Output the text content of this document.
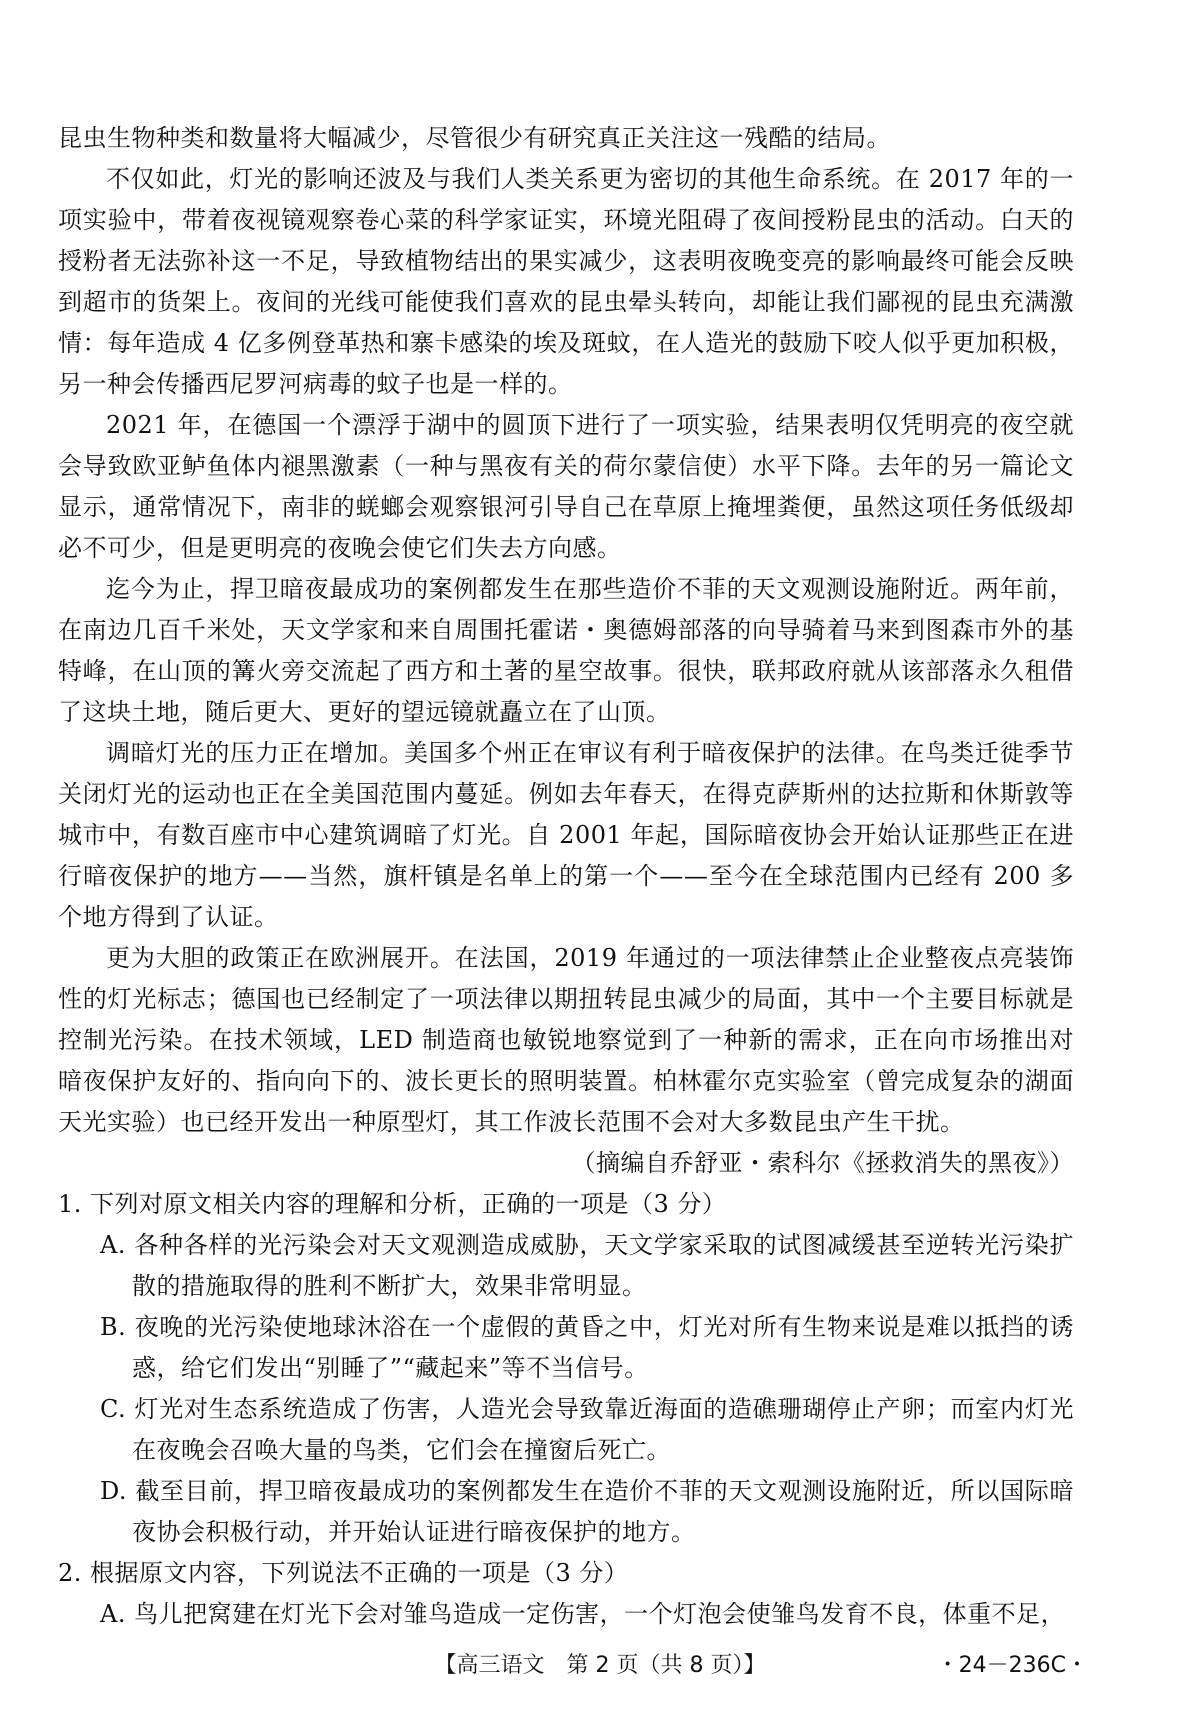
昆虫生物种类和数量将大幅减少，尽管很少有研究真正关注这一残酷的结局。

不仅如此，灯光的影响还波及与我们人类关系更为密切的其他生命系统。在 2017 年的一项实验中，带着夜视镜观察卷心菜的科学家证实，环境光阻碍了夜间授粉昆虫的活动。白天的授粉者无法弥补这一不足，导致植物结出的果实减少，这表明夜晚变亮的影响最终可能会反映到超市的货架上。夜间的光线可能使我们喜欢的昆虫晕头转向，却能让我们鄙视的昆虫充满激情：每年造成 4 亿多例登革热和寨卡感染的埃及斑蚊，在人造光的鼓励下咬人似乎更加积极，另一种会传播西尼罗河病毒的蚊子也是一样的。

2021 年，在德国一个漂浮于湖中的圆顶下进行了一项实验，结果表明仅凭明亮的夜空就会导致欧亚鲈鱼体内褪黑激素（一种与黑夜有关的荷尔蒙信使）水平下降。去年的另一篇论文显示，通常情况下，南非的蜣螂会观察银河引导自己在草原上掩埋粪便，虽然这项任务低级却必不可少，但是更明亮的夜晚会使它们失去方向感。

迄今为止，捍卫暗夜最成功的案例都发生在那些造价不菲的天文观测设施附近。两年前，在南边几百千米处，天文学家和来自周围托霍诺・奥德姆部落的向导骑着马来到图森市外的基特峰，在山顶的篝火旁交流起了西方和土著的星空故事。很快，联邦政府就从该部落永久租借了这块土地，随后更大、更好的望远镜就矗立在了山顶。

调暗灯光的压力正在增加。美国多个州正在审议有利于暗夜保护的法律。在鸟类迁徙季节关闭灯光的运动也正在全美国范围内蔓延。例如去年春天，在得克萨斯州的达拉斯和休斯敦等城市中，有数百座市中心建筑调暗了灯光。自 2001 年起，国际暗夜协会开始认证那些正在进行暗夜保护的地方——当然，旗杆镇是名单上的第一个——至今在全球范围内已经有 200 多个地方得到了认证。

更为大胆的政策正在欧洲展开。在法国，2019 年通过的一项法律禁止企业整夜点亮装饰性的灯光标志；德国也已经制定了一项法律以期扭转昆虫减少的局面，其中一个主要目标就是控制光污染。在技术领域，LED 制造商也敏锐地察觉到了一种新的需求，正在向市场推出对暗夜保护友好的、指向向下的、波长更长的照明装置。柏林霍尔克实验室（曾完成复杂的湖面天光实验）也已经开发出一种原型灯，其工作波长范围不会对大多数昆虫产生干扰。

（摘编自乔舒亚・索科尔《拯救消失的黑夜》）

1. 下列对原文相关内容的理解和分析，正确的一项是（3 分）

A. 各种各样的光污染会对天文观测造成威胁，天文学家采取的试图减缓甚至逆转光污染扩散的措施取得的胜利不断扩大，效果非常明显。
B. 夜晚的光污染使地球沐浴在一个虚假的黄昏之中，灯光对所有生物来说是难以抵挡的诱惑，给它们发出“别睡了”“藏起来”等不当信号。
C. 灯光对生态系统造成了伤害，人造光会导致靠近海面的造礁珊瑚停止产卵；而室内灯光在夜晚会召唤大量的鸟类，它们会在撞窗后死亡。
D. 截至目前，捍卫暗夜最成功的案例都发生在造价不菲的天文观测设施附近，所以国际暗夜协会积极行动，并开始认证进行暗夜保护的地方。

2. 根据原文内容，下列说法不正确的一项是（3 分）

A. 鸟儿把窝建在灯光下会对雏鸟造成一定伤害，一个灯泡会使雏鸟发育不良，体重不足，
【高三语文　第 2 页（共 8 页）】	・24－236C・
